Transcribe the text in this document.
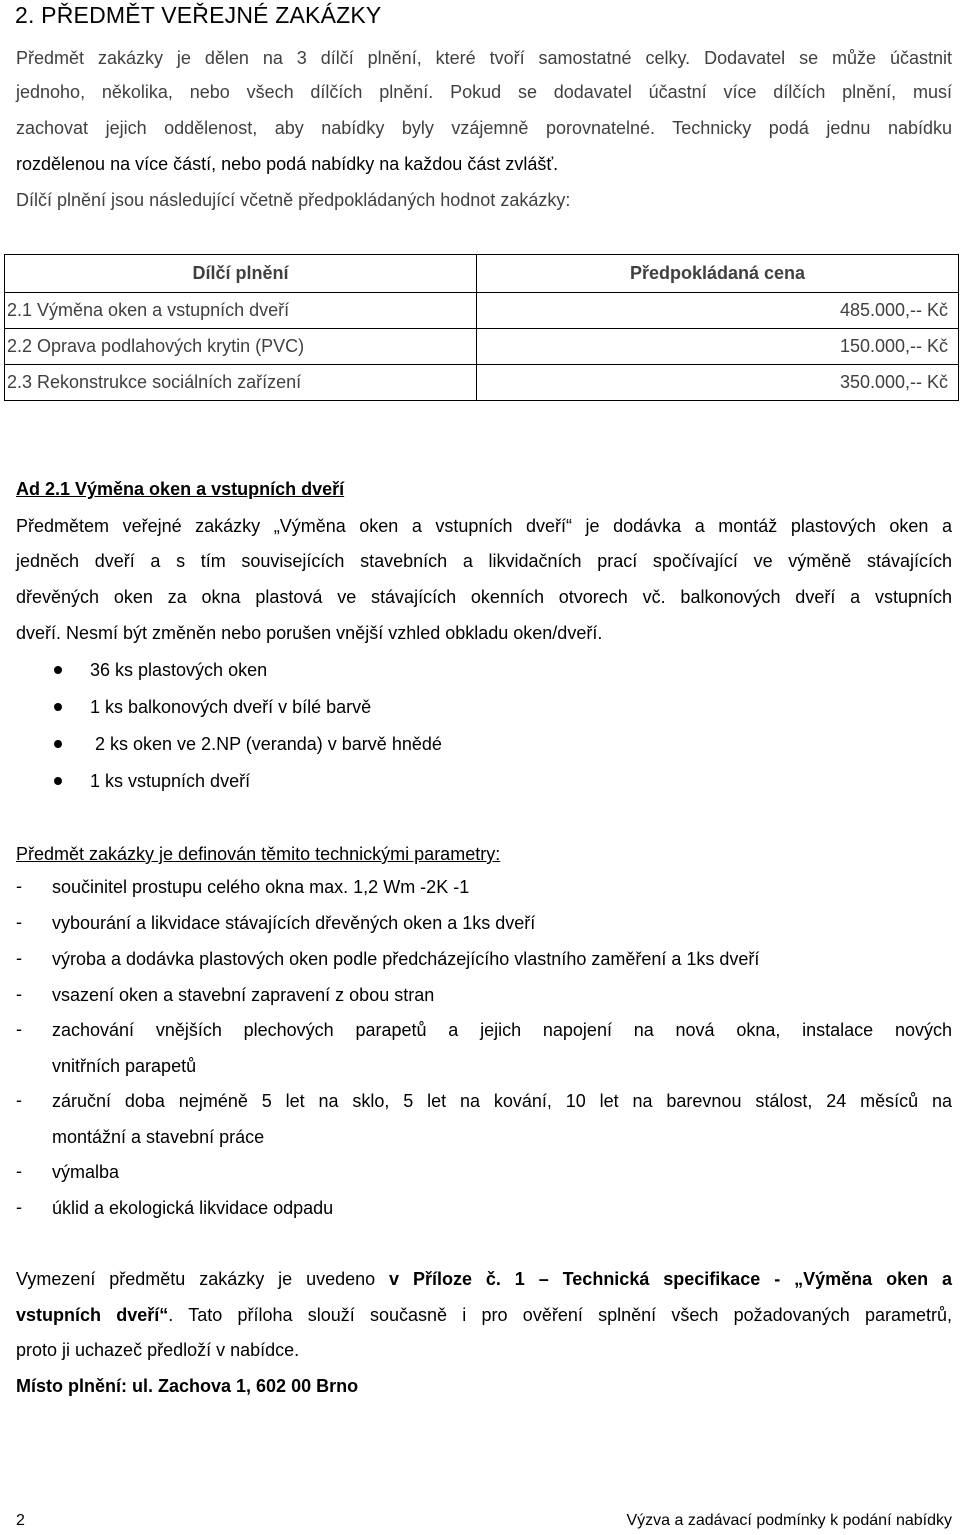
2. PŘEDMĚT VEŘEJNÉ ZAKÁZKY
Předmět zakázky je dělen na 3 dílčí plnění, které tvoří samostatné celky. Dodavatel se může účastnit
jednoho, několika, nebo všech dílčích plnění. Pokud se dodavatel účastní více dílčích plnění, musí
zachovat jejich oddělenost, aby nabídky byly vzájemně porovnatelné. Technicky podá jednu nabídku
rozdělenou na více částí, nebo podá nabídky na každou část zvlášť.
Dílčí plnění jsou následující včetně předpokládaných hodnot zakázky:
Dílčí plnění	Předpokládaná cena
2.1 Výměna oken a vstupních dveří	485.000,-- Kč
2.2 Oprava podlahových krytin (PVC)	150.000,-- Kč
2.3 Rekonstrukce sociálních zařízení	350.000,-- Kč
Ad 2.1 Výměna oken a vstupních dveří
Předmětem veřejné zakázky „Výměna oken a vstupních dveří“ je dodávka a montáž plastových oken a
jedněch dveří a s tím souvisejících stavebních a likvidačních prací spočívající ve výměně stávajících
dřevěných oken za okna plastová ve stávajících okenních otvorech vč. balkonových dveří a vstupních
dveří. Nesmí být změněn nebo porušen vnější vzhled obkladu oken/dveří.
36 ks plastových oken
1 ks balkonových dveří v bílé barvě
2 ks oken ve 2.NP (veranda) v barvě hnědé
1 ks vstupních dveří
Předmět zakázky je definován těmito technickými parametry:
- součinitel prostupu celého okna max. 1,2 Wm -2K -1
- vybourání a likvidace stávajících dřevěných oken a 1ks dveří
- výroba a dodávka plastových oken podle předcházejícího vlastního zaměření a 1ks dveří
- vsazení oken a stavební zapravení z obou stran
- zachování vnějších plechových parapetů a jejich napojení na nová okna, instalace nových
vnitřních parapetů
- záruční doba nejméně 5 let na sklo, 5 let na kování, 10 let na barevnou stálost, 24 měsíců na
montážní a stavební práce
- výmalba
- úklid a ekologická likvidace odpadu
Vymezení předmětu zakázky je uvedeno v Příloze č. 1 – Technická specifikace - „Výměna oken a
vstupních dveří“. Tato příloha slouží současně i pro ověření splnění všech požadovaných parametrů,
proto ji uchazeč předloží v nabídce.
Místo plnění: ul. Zachova 1, 602 00 Brno
2	Výzva a zadávací podmínky k podání nabídky
